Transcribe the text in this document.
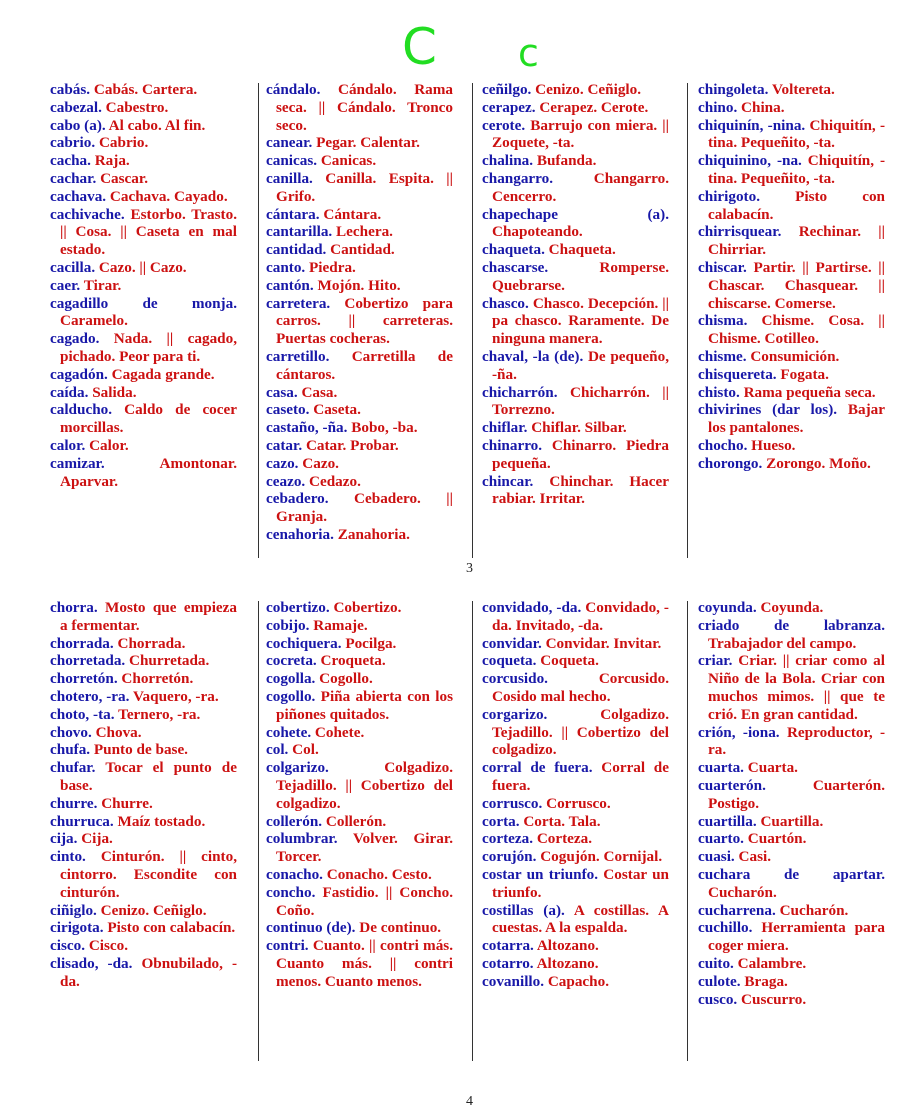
C c

cabás. Cabás. Cartera.

cabezal. Cabestro.

cabo (a). Al cabo. Al fin.

cabrio. Cabrio.

cacha. Raja.

cachar. Cascar.

cachava. Cachava. Cayado.

cachivache. Estorbo. Trasto. || Cosa. || Caseta en mal estado.

cacilla. Cazo. || Cazo.

caer. Tirar.

cagadillo de monja. Caramelo.

cagado. Nada. || cagado, pichado. Peor para ti.

cagadón. Cagada grande.

caída. Salida.

calducho. Caldo de cocer morcillas.

calor. Calor.

camizar.	Amontonar. Aparvar.

cándalo. Cándalo. Rama seca. || Cándalo. Tronco seco.

canear. Pegar. Calentar.

canicas. Canicas.

canilla. Canilla. Espita. || Grifo.

cántara. Cántara.

cantarilla. Lechera.

cantidad. Cantidad.

canto. Piedra.

cantón. Mojón. Hito.

carretera. Cobertizo para carros. || carreteras. Puertas cocheras.

carretillo. Carretilla de cántaros.

casa. Casa.

caseto. Caseta.

castaño, -ña. Bobo, -ba.

catar. Catar. Probar.

cazo. Cazo.

ceazo. Cedazo.

cebadero. Cebadero. || Granja.

cenahoria. Zanahoria.

ceñilgo. Cenizo. Ceñiglo.

cerapez. Cerapez. Cerote.

cerote. Barrujo con miera. || Zoquete, -ta.

chalina. Bufanda.

changarro.	Changarro. Cencerro.

chapechape (a). Chapoteando.

chaqueta. Chaqueta.

chascarse.	Romperse. Quebrarse.

chasco. Chasco. Decepción. || pa chasco. Raramente. De ninguna manera.

chaval, -la (de). De pequeño, -ña.

chicharrón. Chicharrón. || Torrezno.

chiflar. Chiflar. Silbar.

chinarro. Chinarro. Piedra pequeña.

chincar. Chinchar. Hacer rabiar. Irritar.

chingoleta. Voltereta.

chino. China.

chiquinín, -nina. Chiquitín, -tina. Pequeñito, -ta.

chiquinino, -na. Chiquitín, -tina. Pequeñito, -ta.

chirigoto. Pisto con calabacín.

chirrisquear. Rechinar. || Chirriar.

chiscar. Partir. || Partirse. || Chascar. Chasquear. || chiscarse. Comerse.

chisma. Chisme. Cosa. || Chisme. Cotilleo.

chisme. Consumición.

chisquereta. Fogata.

chisto. Rama pequeña seca.

chivirines (dar los). Bajar los pantalones.

chocho. Hueso.

chorongo. Zorongo. Moño.

3

chorra. Mosto que empieza a fermentar.

chorrada. Chorrada.

chorretada. Churretada.

chorretón. Chorretón.

chotero, -ra. Vaquero, -ra.

choto, -ta. Ternero, -ra.

chovo. Chova.

chufa. Punto de base.

chufar. Tocar el punto de base.

churre. Churre.

churruca. Maíz tostado.

cija. Cija.

cinto. Cinturón. || cinto, cintorro. Escondite con cinturón.

ciñiglo. Cenizo. Ceñiglo.

cirigota. Pisto con calabacín.

cisco. Cisco.

clisado, -da. Obnubilado, -da.

cobertizo. Cobertizo.

cobijo. Ramaje.

cochiquera. Pocilga.

cocreta. Croqueta.

cogolla. Cogollo.

cogollo. Piña abierta con los piñones quitados.

cohete. Cohete.

col. Col.

colgarizo.	Colgadizo. Tejadillo. || Cobertizo del colgadizo.

collerón. Collerón.

columbrar. Volver. Girar. Torcer.

conacho. Conacho. Cesto.

concho. Fastidio. || Concho. Coño.

continuo (de). De continuo.

contri. Cuanto. || contri más. Cuanto más. || contri menos. Cuanto menos.

convidado, -da. Convidado, -da. Invitado, -da.

convidar. Convidar. Invitar.

coqueta. Coqueta.

corcusido.	Corcusido. Cosido mal hecho.

corgarizo.	Colgadizo. Tejadillo. || Cobertizo del colgadizo.

corral de fuera. Corral de fuera.

corrusco. Corrusco.

corta. Corta. Tala.

corteza. Corteza.

corujón. Cogujón. Cornijal.

costar un triunfo. Costar un triunfo.

costillas (a). A costillas. A cuestas. A la espalda.

cotarra. Altozano.

cotarro. Altozano.

covanillo. Capacho.

coyunda. Coyunda.

criado de labranza. Trabajador del campo.

criar. Criar. || criar como al Niño de la Bola. Criar con muchos mimos. || que te crió. En gran cantidad.

crión, -iona. Reproductor, -ra.

cuarta. Cuarta.

cuarterón.	Cuarterón. Postigo.

cuartilla. Cuartilla.

cuarto. Cuartón.

cuasi. Casi.

cuchara de apartar. Cucharón.

cucharrena. Cucharón.

cuchillo. Herramienta para coger miera.

cuito. Calambre.

culote. Braga.

cusco. Cuscurro.

4
